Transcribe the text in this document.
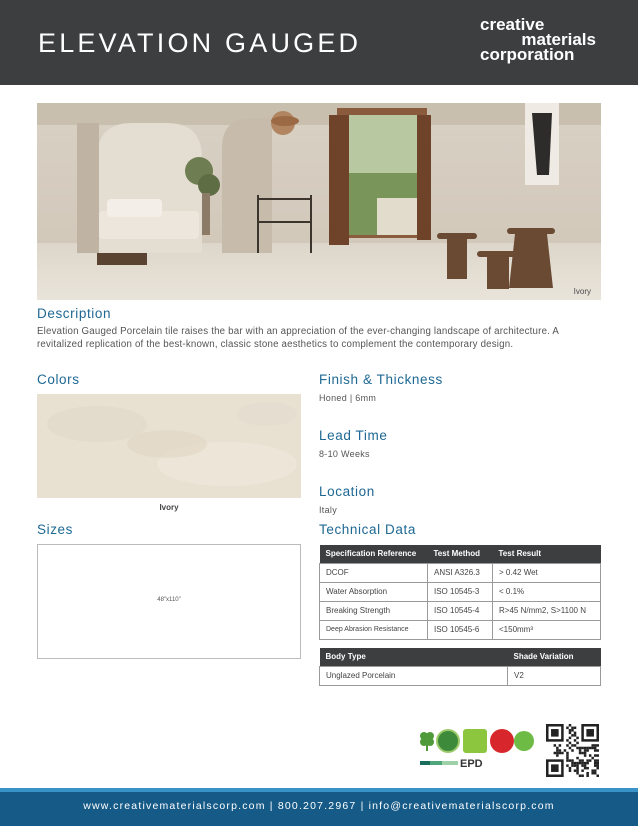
ELEVATION GAUGED
creative
materials
corporation
Ivory
Description
Elevation Gauged Porcelain tile raises the bar with an appreciation of the ever-changing landscape of architecture. A revitalized replication of the best-known, classic stone aesthetics to complement the contemporary design.
Colors
Ivory
Sizes
48"x110"
Finish & Thickness
Honed | 6mm
Lead Time
8-10 Weeks
Location
Italy
Technical Data
Specification Reference	Test Method	Test Result
DCOF	ANSI A326.3	> 0.42 Wet
Water Absorption	ISO 10545-3	< 0.1%
Breaking Strength	ISO 10545-4	R>45 N/mm2, S>1100 N
Deep Abrasion Resistance	ISO 10545-6	<150mm³
Body Type	Shade Variation
Unglazed Porcelain	V2
EPD
www.creativematerialscorp.com | 800.207.2967 | info@creativematerialscorp.com
